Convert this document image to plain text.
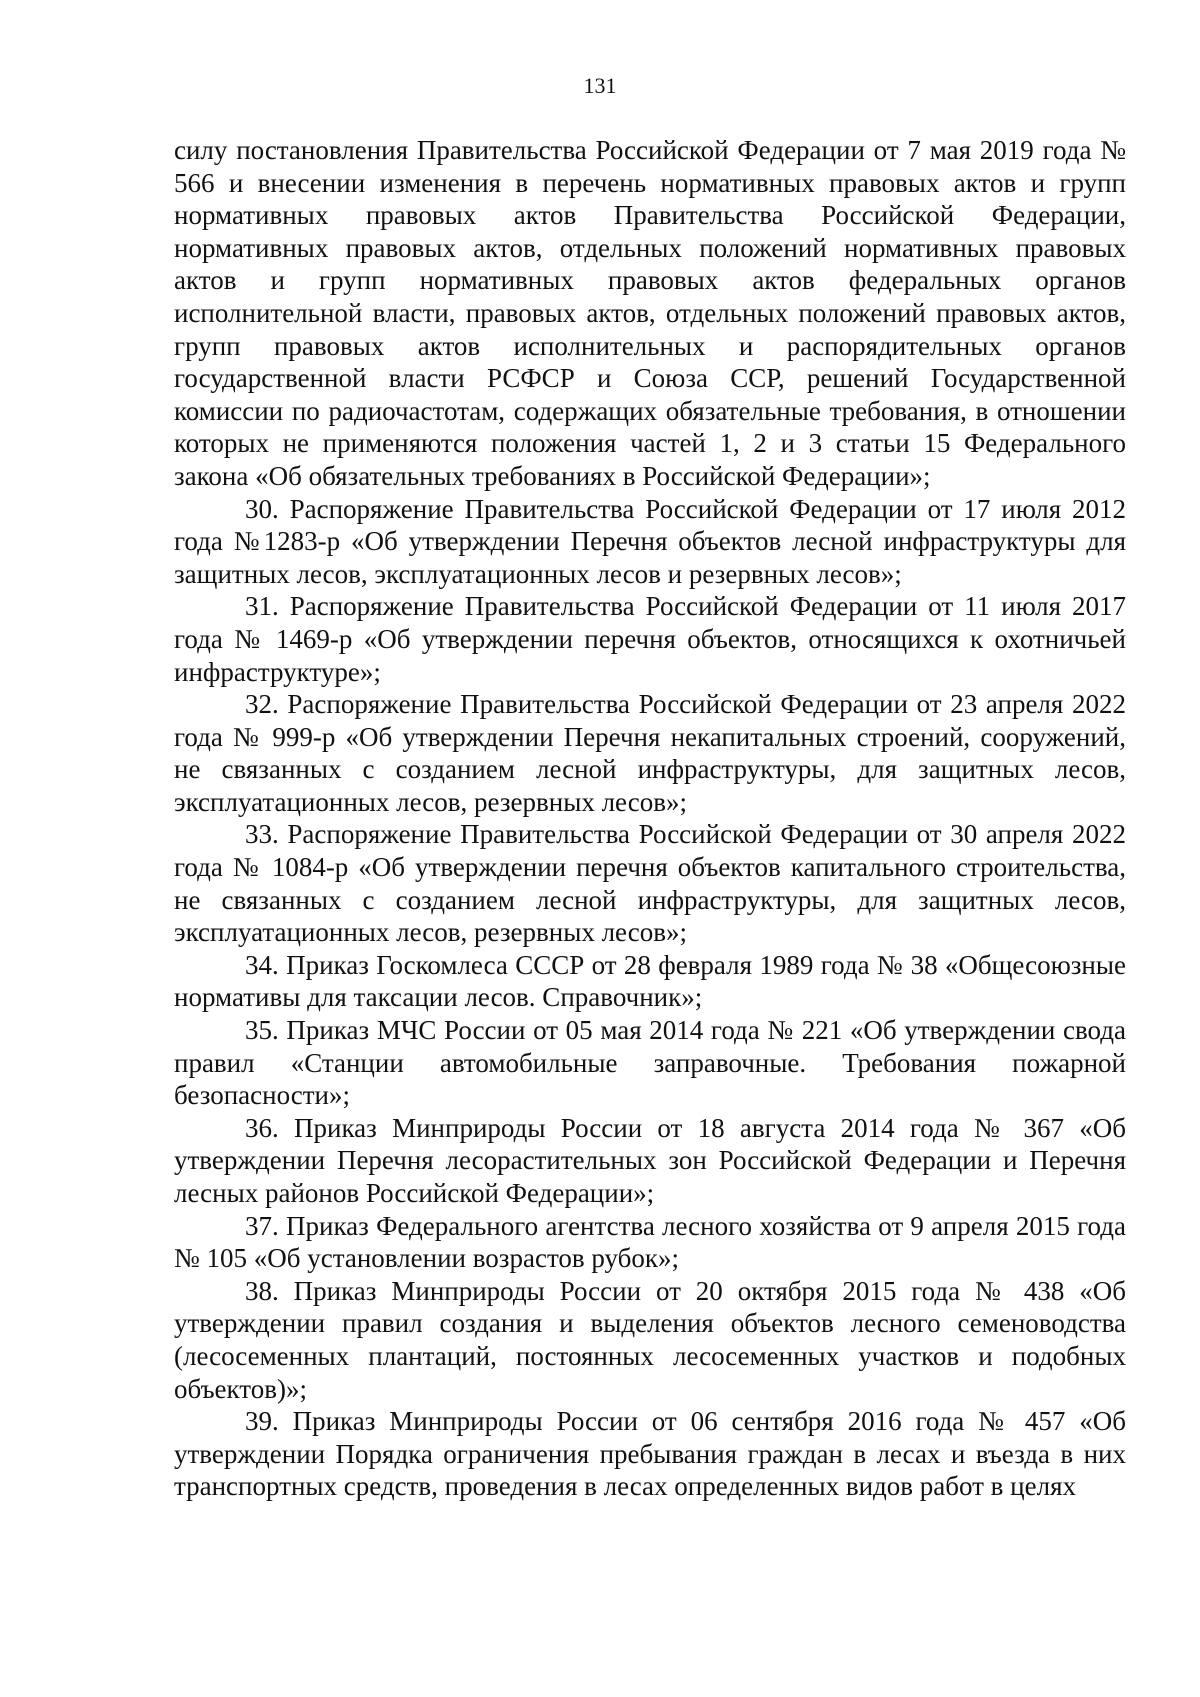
131

силу постановления Правительства Российской Федерации от 7 мая 2019 года № 566 и внесении изменения в перечень нормативных правовых актов и групп нормативных правовых актов Правительства Российской Федерации, нормативных правовых актов, отдельных положений нормативных правовых актов и групп нормативных правовых актов федеральных органов исполнительной власти, правовых актов, отдельных положений правовых актов, групп правовых актов исполнительных и распорядительных органов государственной власти РСФСР и Союза ССР, решений Государственной комиссии по радиочастотам, содержащих обязательные требования, в отношении которых не применяются положения частей 1, 2 и 3 статьи 15 Федерального закона «Об обязательных требованиях в Российской Федерации»;

30. Распоряжение Правительства Российской Федерации от 17 июля 2012 года №1283-р «Об утверждении Перечня объектов лесной инфраструктуры для защитных лесов, эксплуатационных лесов и резервных лесов»;

31. Распоряжение Правительства Российской Федерации от 11 июля 2017 года № 1469-р «Об утверждении перечня объектов, относящихся к охотничьей инфраструктуре»;

32. Распоряжение Правительства Российской Федерации от 23 апреля 2022 года № 999-р «Об утверждении Перечня некапитальных строений, сооружений, не связанных с созданием лесной инфраструктуры, для защитных лесов, эксплуатационных лесов, резервных лесов»;

33. Распоряжение Правительства Российской Федерации от 30 апреля 2022 года № 1084-р «Об утверждении перечня объектов капитального строительства, не связанных с созданием лесной инфраструктуры, для защитных лесов, эксплуатационных лесов, резервных лесов»;

34. Приказ Госкомлеса СССР от 28 февраля 1989 года № 38 «Общесоюзные нормативы для таксации лесов. Справочник»;

35. Приказ МЧС России от 05 мая 2014 года № 221 «Об утверждении свода правил «Станции автомобильные заправочные. Требования пожарной безопасности»;

36. Приказ Минприроды России от 18 августа 2014 года № 367 «Об утверждении Перечня лесорастительных зон Российской Федерации и Перечня лесных районов Российской Федерации»;

37. Приказ Федерального агентства лесного хозяйства от 9 апреля 2015 года № 105 «Об установлении возрастов рубок»;

38. Приказ Минприроды России от 20 октября 2015 года № 438 «Об утверждении правил создания и выделения объектов лесного семеноводства (лесосеменных плантаций, постоянных лесосеменных участков и подобных объектов)»;

39. Приказ Минприроды России от 06 сентября 2016 года № 457 «Об утверждении Порядка ограничения пребывания граждан в лесах и въезда в них транспортных средств, проведения в лесах определенных видов работ в целях
